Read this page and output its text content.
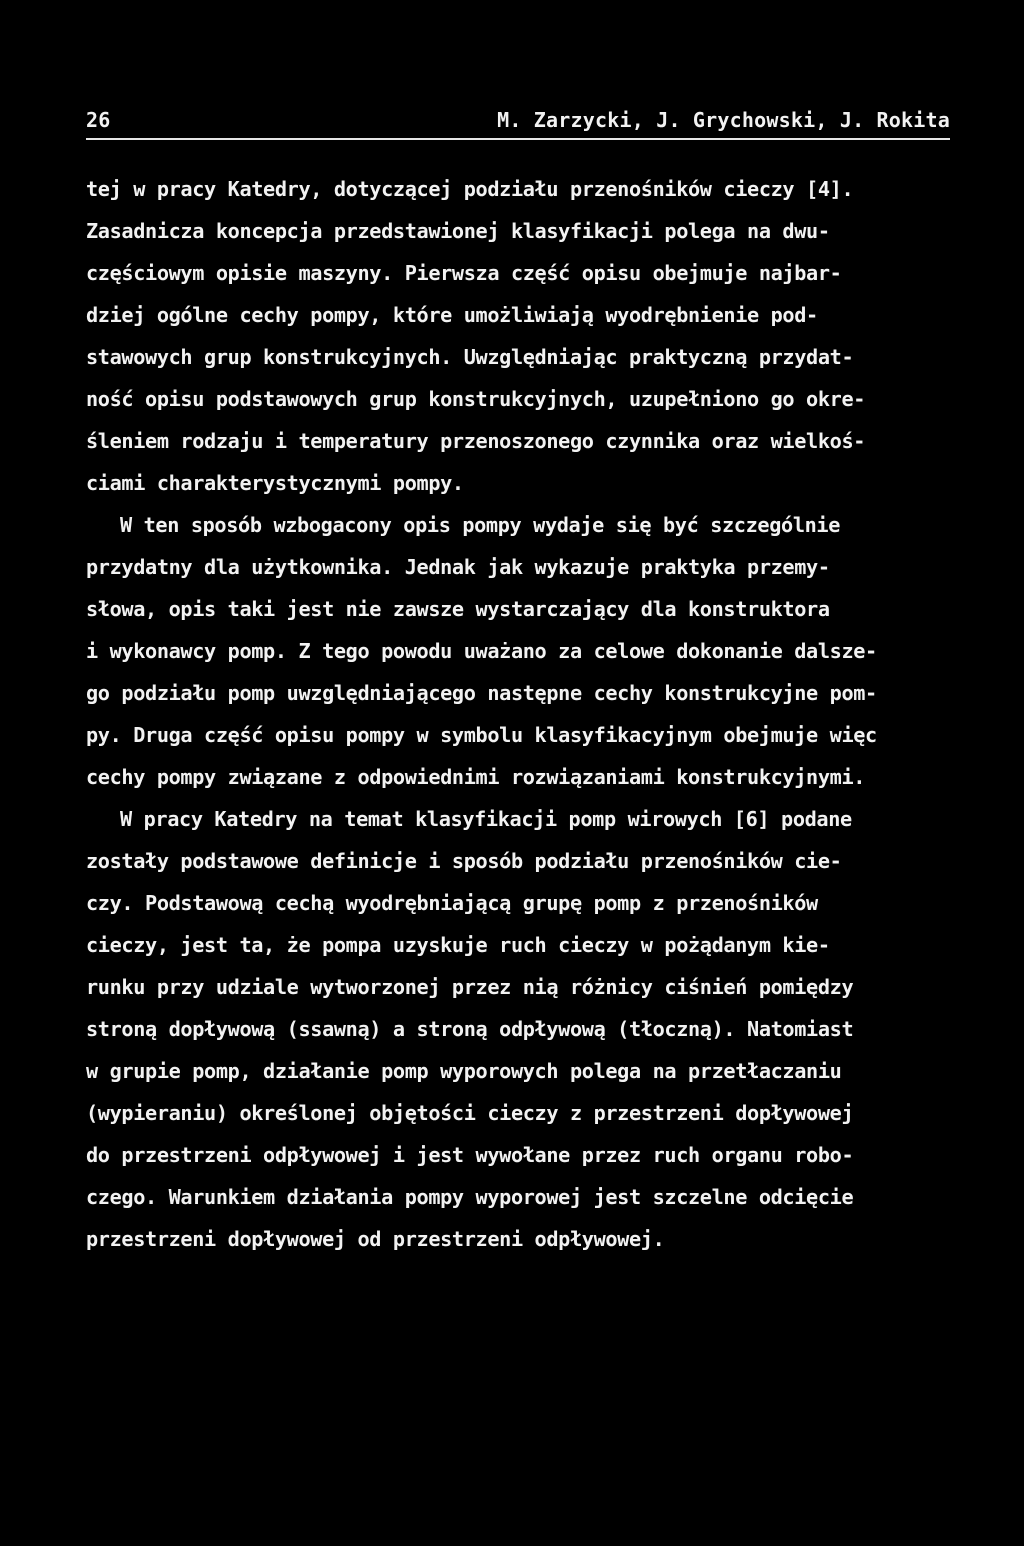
26	M. Zarzycki, J. Grychowski, J. Rokita
tej w pracy Katedry, dotyczącej podziału przenośników cieczy [4].
Zasadnicza koncepcja przedstawionej klasyfikacji polega na dwu-
częściowym opisie maszyny. Pierwsza część opisu obejmuje najbar-
dziej ogólne cechy pompy, które umożliwiają wyodrębnienie pod-
stawowych grup konstrukcyjnych. Uwzględniając praktyczną przydat-
ność opisu podstawowych grup konstrukcyjnych, uzupełniono go okre-
śleniem rodzaju i temperatury przenoszonego czynnika oraz wielkoś-
ciami charakterystycznymi pompy.
W ten sposób wzbogacony opis pompy wydaje się być szczególnie
przydatny dla użytkownika. Jednak jak wykazuje praktyka przemy-
słowa, opis taki jest nie zawsze wystarczający dla konstruktora
i wykonawcy pomp. Z tego powodu uważano za celowe dokonanie dalsze-
go podziału pomp uwzględniającego następne cechy konstrukcyjne pom-
py. Druga część opisu pompy w symbolu klasyfikacyjnym obejmuje więc
cechy pompy związane z odpowiednimi rozwiązaniami konstrukcyjnymi.
W pracy Katedry na temat klasyfikacji pomp wirowych [6] podane
zostały podstawowe definicje i sposób podziału przenośników cie-
czy. Podstawową cechą wyodrębniającą grupę pomp z przenośników
cieczy, jest ta, że pompa uzyskuje ruch cieczy w pożądanym kie-
runku przy udziale wytworzonej przez nią różnicy ciśnień pomiędzy
stroną dopływową (ssawną) a stroną odpływową (tłoczną). Natomiast
w grupie pomp, działanie pomp wyporowych polega na przetłaczaniu
(wypieraniu) określonej objętości cieczy z przestrzeni dopływowej
do przestrzeni odpływowej i jest wywołane przez ruch organu robo-
czego. Warunkiem działania pompy wyporowej jest szczelne odcięcie
przestrzeni dopływowej od przestrzeni odpływowej.
